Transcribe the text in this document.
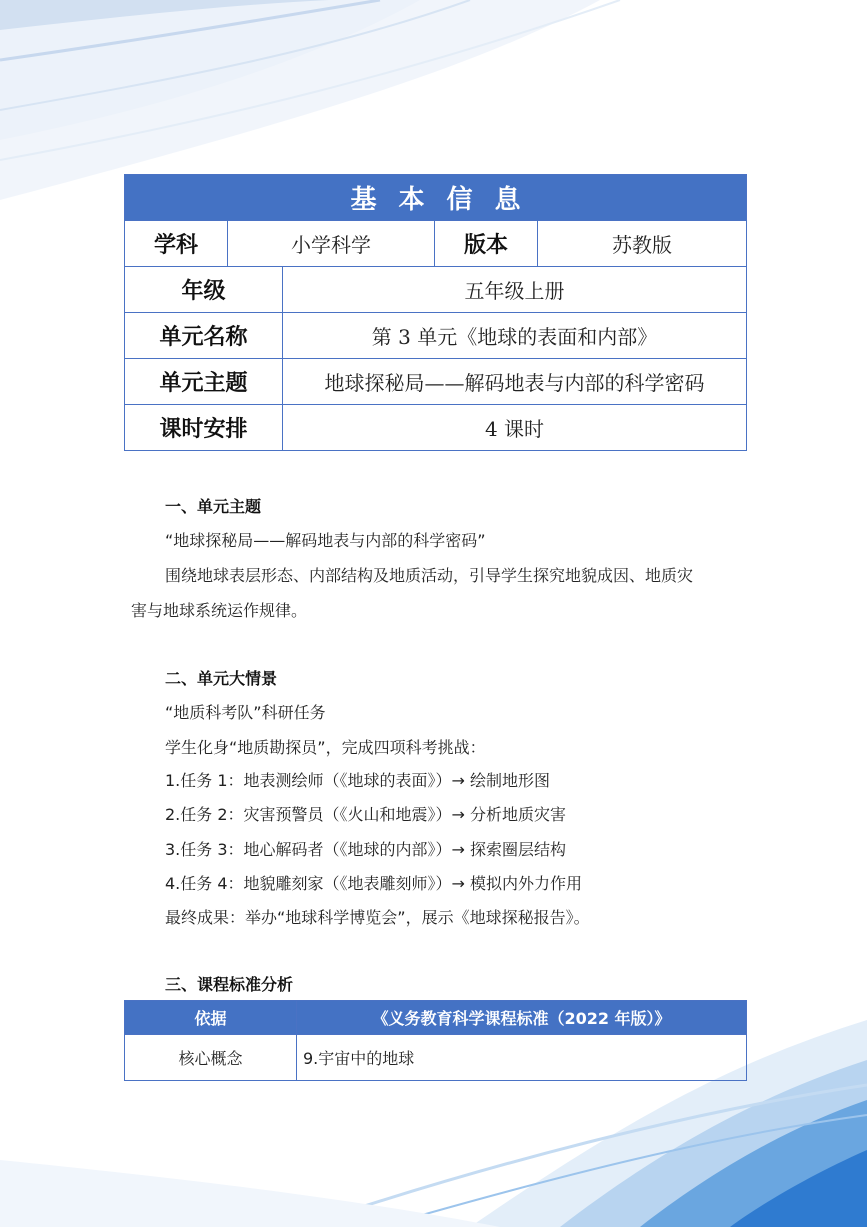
基本信息				
学科	小学科学		版本	苏教版
年级		五年级上册		
单元名称		第 3 单元《地球的表面和内部》		
单元主题		地球探秘局——解码地表与内部的科学密码		
课时安排		4 课时		
一、单元主题
“地球探秘局——解码地表与内部的科学密码”
围绕地球表层形态、内部结构及地质活动，引导学生探究地貌成因、地质灾
害与地球系统运作规律。
二、单元大情景
“地质科考队”科研任务
学生化身“地质勘探员”，完成四项科考挑战：
1.任务 1：地表测绘师（《地球的表面》）→ 绘制地形图
2.任务 2：灾害预警员（《火山和地震》）→ 分析地质灾害
3.任务 3：地心解码者（《地球的内部》）→ 探索圈层结构
4.任务 4：地貌雕刻家（《地表雕刻师》）→ 模拟内外力作用
最终成果：举办“地球科学博览会”，展示《地球探秘报告》。
三、课程标准分析
依据	《义务教育科学课程标准（2022 年版）》
核心概念	9.宇宙中的地球
